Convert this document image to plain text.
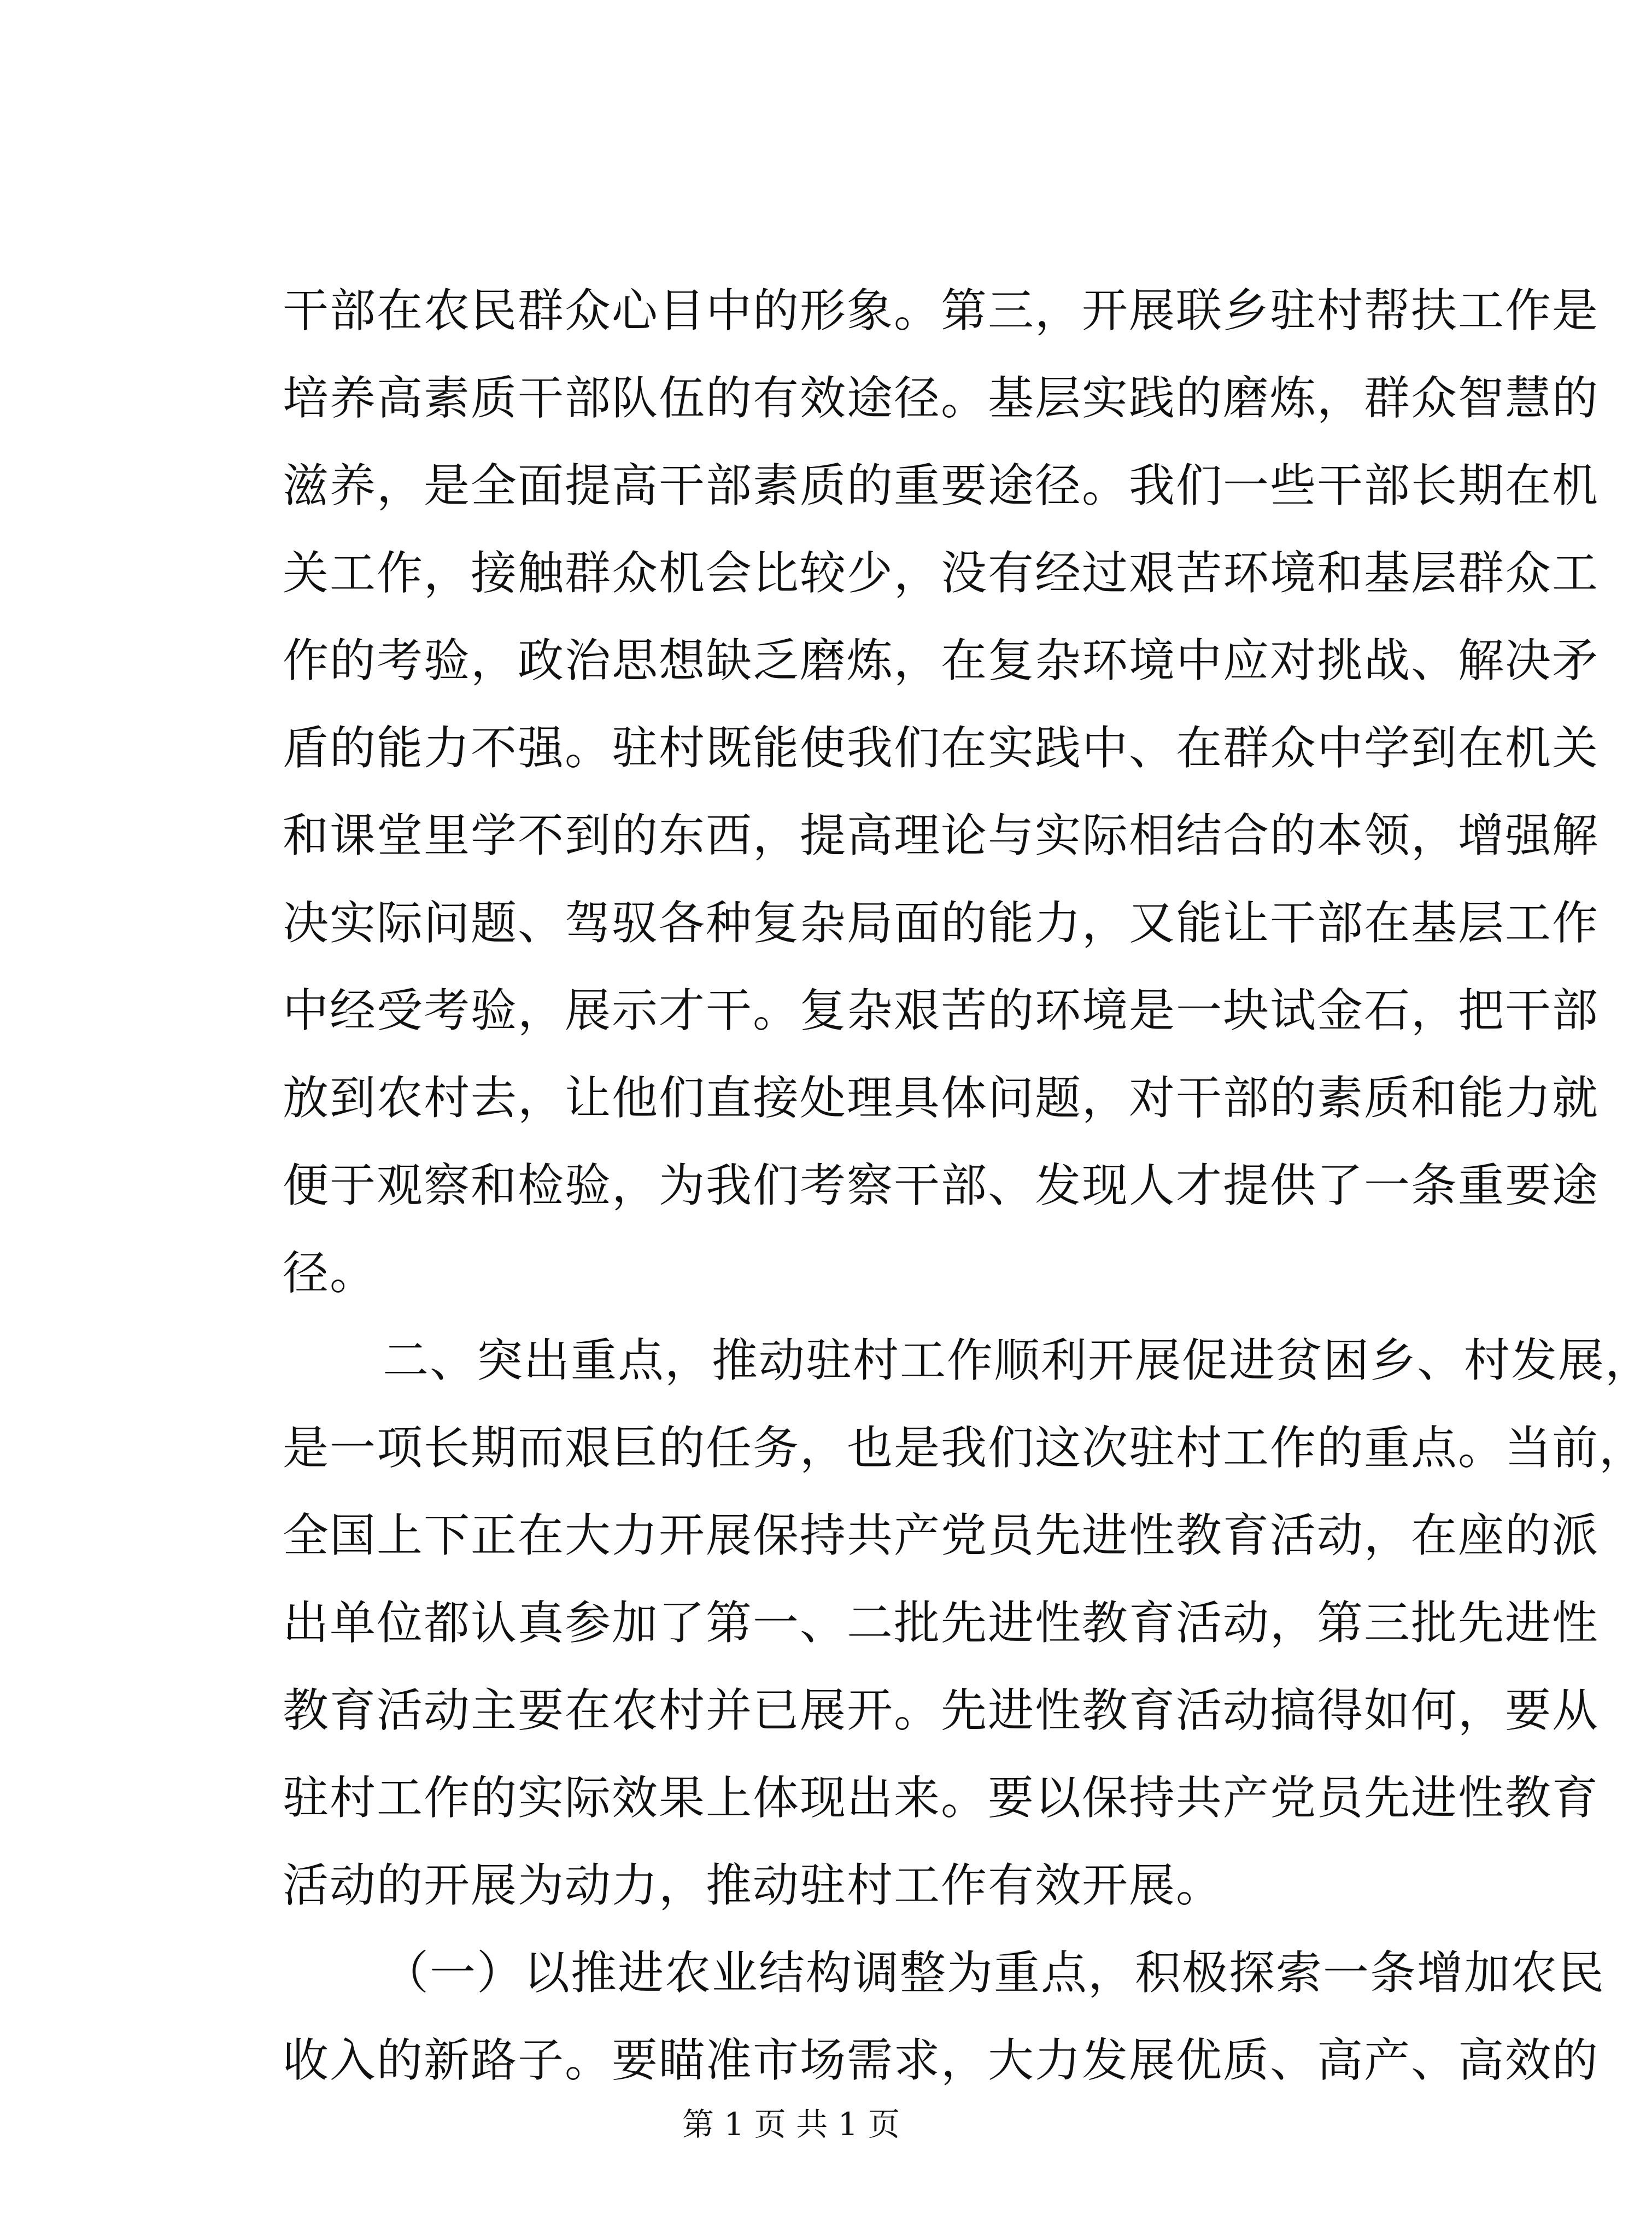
干部在农民群众心目中的形象。第三，开展联乡驻村帮扶工作是
培养高素质干部队伍的有效途径。基层实践的磨炼，群众智慧的
滋养，是全面提高干部素质的重要途径。我们一些干部长期在机
关工作，接触群众机会比较少，没有经过艰苦环境和基层群众工
作的考验，政治思想缺乏磨炼，在复杂环境中应对挑战、解决矛
盾的能力不强。驻村既能使我们在实践中、在群众中学到在机关
和课堂里学不到的东西，提高理论与实际相结合的本领，增强解
决实际问题、驾驭各种复杂局面的能力，又能让干部在基层工作
中经受考验，展示才干。复杂艰苦的环境是一块试金石，把干部
放到农村去，让他们直接处理具体问题，对干部的素质和能力就
便于观察和检验，为我们考察干部、发现人才提供了一条重要途
径。
二、突出重点，推动驻村工作顺利开展促进贫困乡、村发展，
是一项长期而艰巨的任务，也是我们这次驻村工作的重点。当前，
全国上下正在大力开展保持共产党员先进性教育活动，在座的派
出单位都认真参加了第一、二批先进性教育活动，第三批先进性
教育活动主要在农村并已展开。先进性教育活动搞得如何，要从
驻村工作的实际效果上体现出来。要以保持共产党员先进性教育
活动的开展为动力，推动驻村工作有效开展。
（一）以推进农业结构调整为重点，积极探索一条增加农民
收入的新路子。要瞄准市场需求，大力发展优质、高产、高效的
第 1 页 共 1 页
